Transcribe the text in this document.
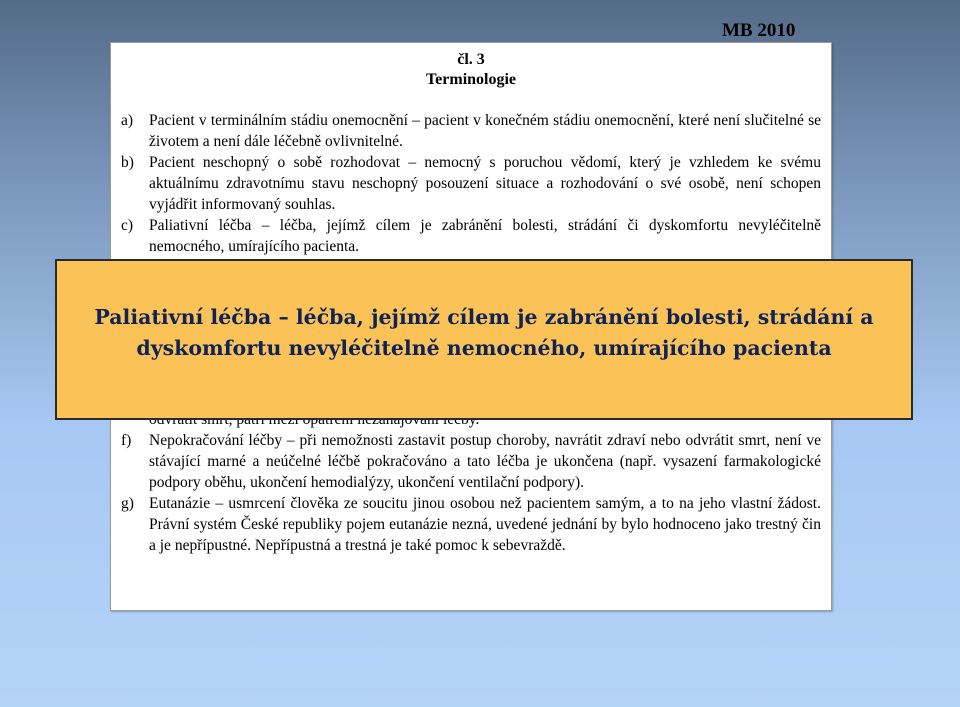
MB 2010
čl. 3
Terminologie
a) Pacient v terminálním stádiu onemocnění – pacient v konečném stádiu onemocnění, které není slučitelné se životem a není dále léčebně ovlivnitelné.
b) Pacient neschopný o sobě rozhodovat – nemocný s poruchou vědomí, který je vzhledem ke svému aktuálnímu zdravotnímu stavu neschopný posouzení situace a rozhodování o své osobě, není schopen vyjádřit informovaný souhlas.
c) Paliativní léčba – léčba, jejímž cílem je zabránění bolesti, strádání či dyskomfortu nevyléčitelně nemocného, umírajícího pacienta.
f) Nepokračování léčby – při nemožnosti zastavit postup choroby, navrátit zdraví nebo odvrátit smrt, není ve stávající marné a neúčelné léčbě pokračováno a tato léčba je ukončena (např. vysazení farmakologické podpory oběhu, ukončení hemodialýzy, ukončení ventilační podpory).
g) Eutanázie – usmrcení člověka ze soucitu jinou osobou než pacientem samým, a to na jeho vlastní žádost. Právní systém České republiky pojem eutanázie nezná, uvedené jednání by bylo hodnoceno jako trestný čin a je nepřípustné. Nepřípustná a trestná je také pomoc k sebevraždě.
Paliativní léčba – léčba, jejímž cílem je zabránění bolesti, strádání a dyskomfortu nevyléčitelně nemocného, umírajícího pacienta
